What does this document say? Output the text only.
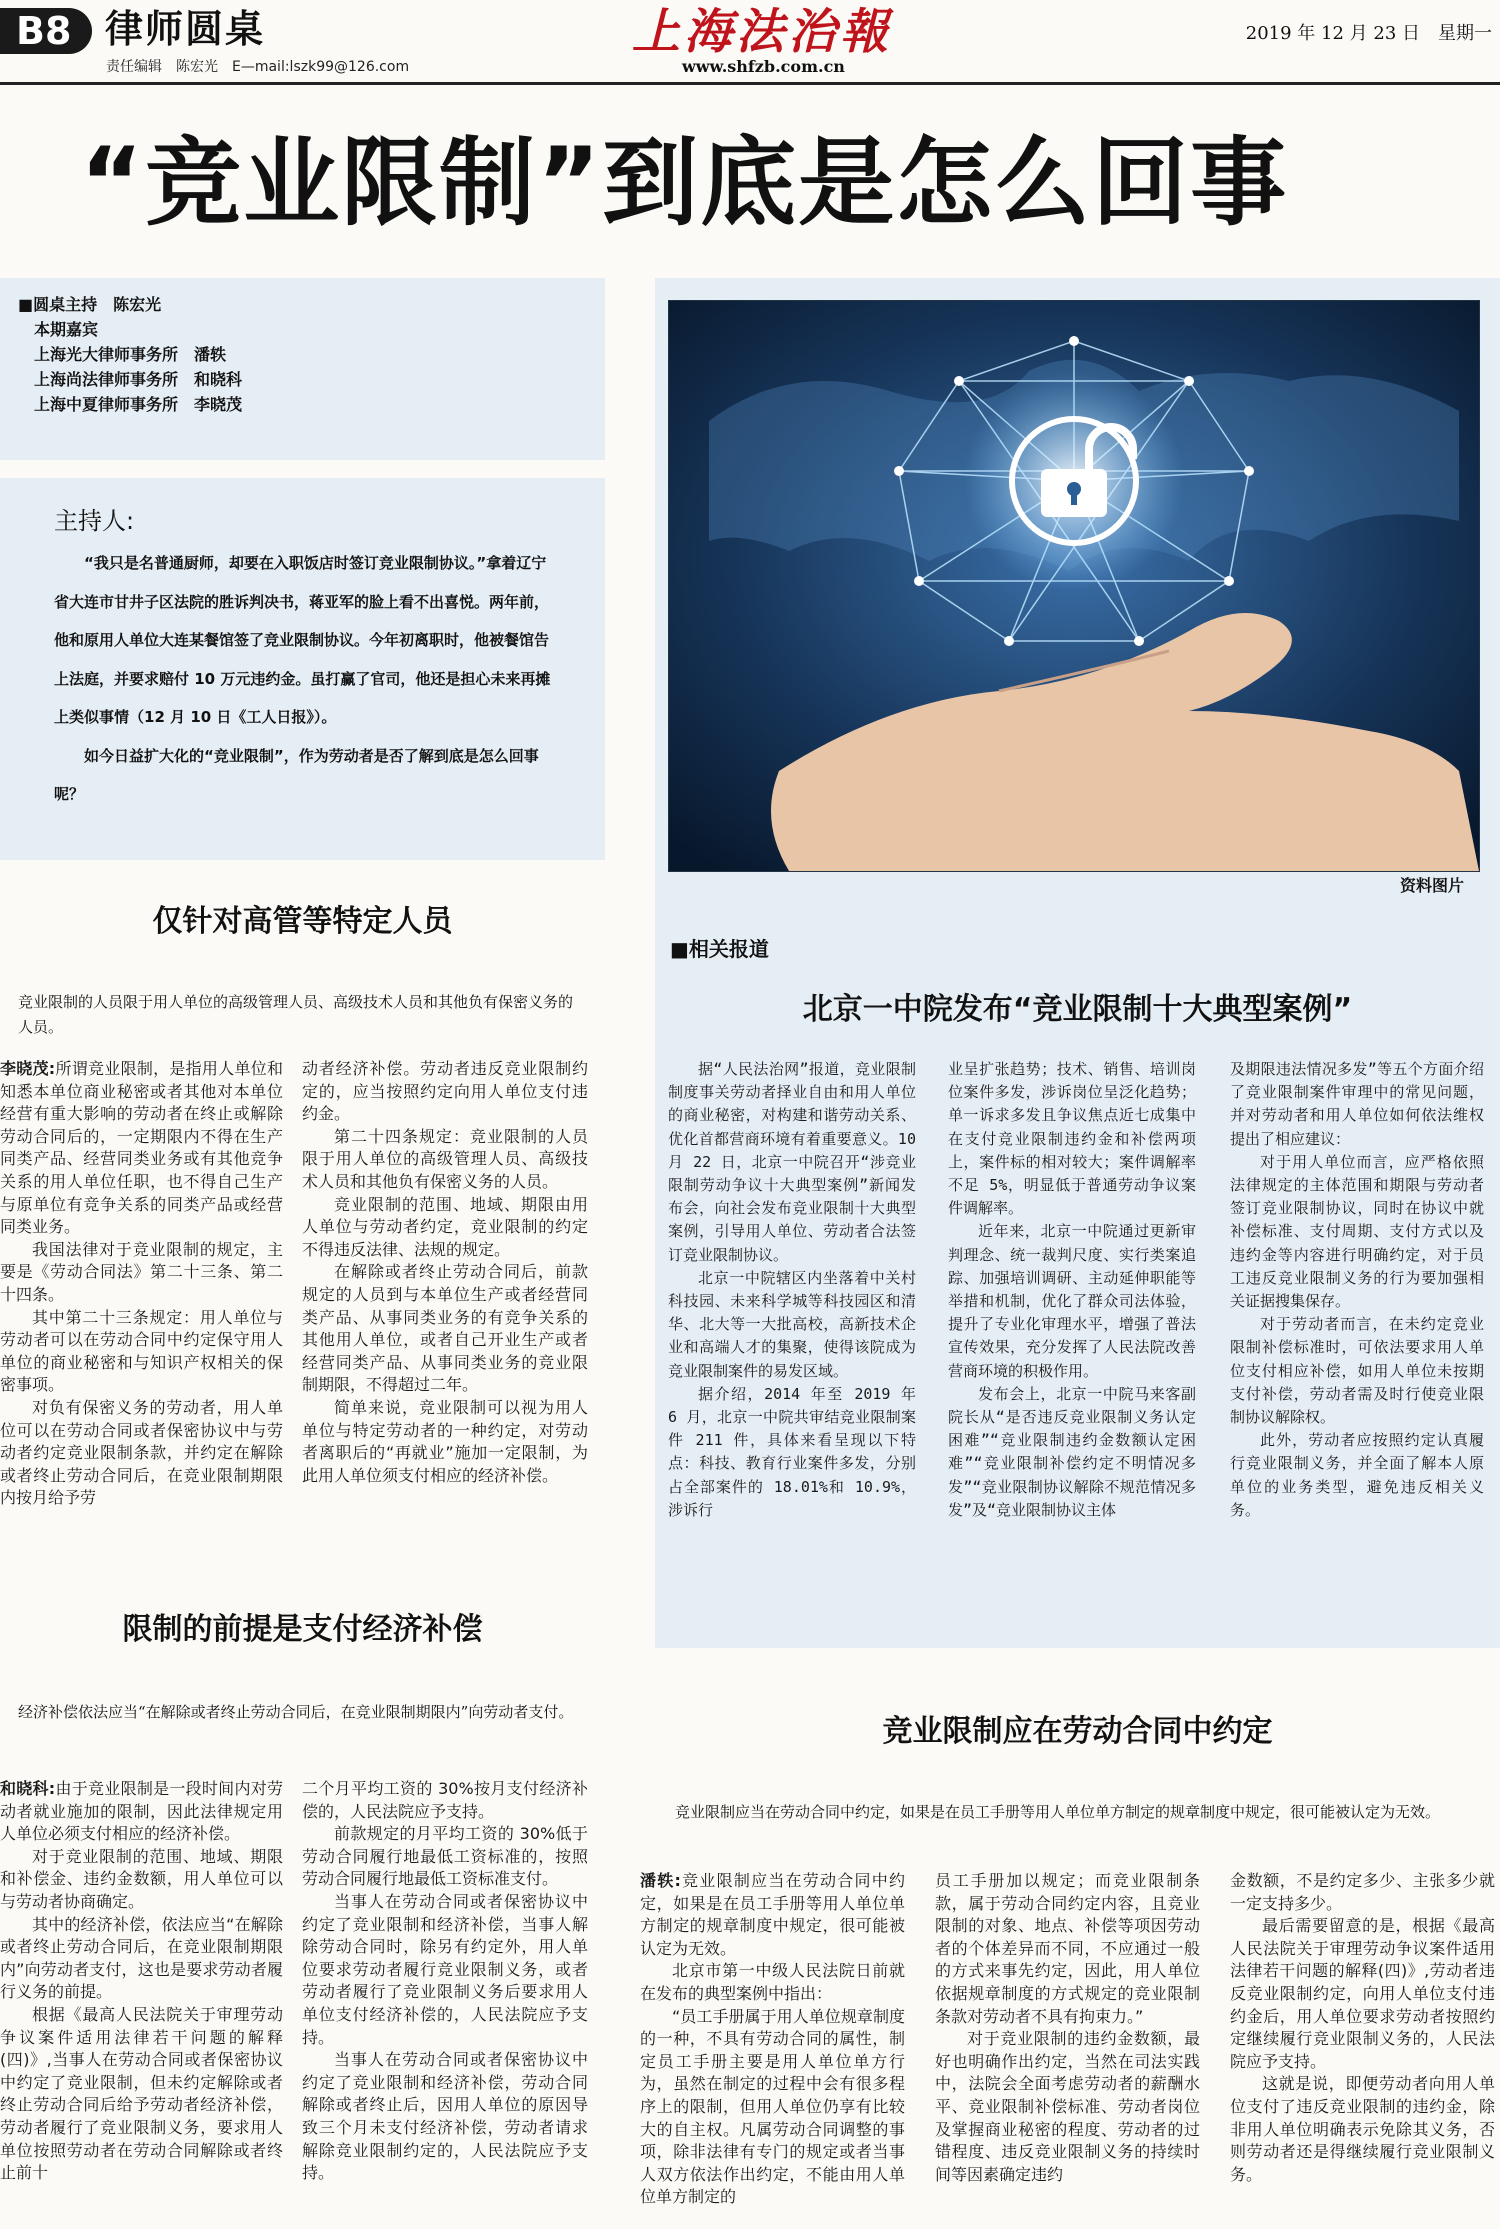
B8 律师圆桌
责任编辑　陈宏光　E—mail:lszk99@126.com
上海法治報
www.shfzb.com.cn
2019 年 12 月 23 日　星期一
“竞业限制”到底是怎么回事
■圆桌主持　陈宏光
　本期嘉宾
　上海光大律师事务所　潘轶
　上海尚法律师事务所　和晓科
　上海中夏律师事务所　李晓茂
主持人:

“我只是名普通厨师，却要在入职饭店时签订竞业限制协议。”拿着辽宁省大连市甘井子区法院的胜诉判决书，蒋亚军的脸上看不出喜悦。两年前，他和原用人单位大连某餐馆签了竞业限制协议。今年初离职时，他被餐馆告上法庭，并要求赔付 10 万元违约金。虽打赢了官司，他还是担心未来再摊上类似事情（12 月 10 日《工人日报》）。

如今日益扩大化的“竞业限制”，作为劳动者是否了解到底是怎么回事呢？

仅针对高管等特定人员
竞业限制的人员限于用人单位的高级管理人员、高级技术人员和其他负有保密义务的人员。

李晓茂:所谓竞业限制，是指用人单位和知悉本单位商业秘密或者其他对本单位经营有重大影响的劳动者在终止或解除劳动合同后的，一定期限内不得在生产同类产品、经营同类业务或有其他竞争关系的用人单位任职，也不得自己生产与原单位有竞争关系的同类产品或经营同类业务。

我国法律对于竞业限制的规定，主要是《劳动合同法》第二十三条、第二十四条。

其中第二十三条规定：用人单位与劳动者可以在劳动合同中约定保守用人单位的商业秘密和与知识产权相关的保密事项。

对负有保密义务的劳动者，用人单位可以在劳动合同或者保密协议中与劳动者约定竞业限制条款，并约定在解除或者终止劳动合同后，在竞业限制期限内按月给予劳

动者经济补偿。劳动者违反竞业限制约定的，应当按照约定向用人单位支付违约金。

第二十四条规定：竞业限制的人员限于用人单位的高级管理人员、高级技术人员和其他负有保密义务的人员。

竞业限制的范围、地域、期限由用人单位与劳动者约定，竞业限制的约定不得违反法律、法规的规定。

在解除或者终止劳动合同后，前款规定的人员到与本单位生产或者经营同类产品、从事同类业务的有竞争关系的其他用人单位，或者自己开业生产或者经营同类产品、从事同类业务的竞业限制期限，不得超过二年。

简单来说，竞业限制可以视为用人单位与特定劳动者的一种约定，对劳动者离职后的“再就业”施加一定限制，为此用人单位须支付相应的经济补偿。

限制的前提是支付经济补偿
经济补偿依法应当“在解除或者终止劳动合同后，在竞业限制期限内”向劳动者支付。

和晓科:由于竞业限制是一段时间内对劳动者就业施加的限制，因此法律规定用人单位必须支付相应的经济补偿。

对于竞业限制的范围、地域、期限和补偿金、违约金数额，用人单位可以与劳动者协商确定。

其中的经济补偿，依法应当“在解除或者终止劳动合同后，在竞业限制期限内”向劳动者支付，这也是要求劳动者履行义务的前提。

根据《最高人民法院关于审理劳动争议案件适用法律若干问题的解释(四)》,当事人在劳动合同或者保密协议中约定了竞业限制，但未约定解除或者终止劳动合同后给予劳动者经济补偿，劳动者履行了竞业限制义务，要求用人单位按照劳动者在劳动合同解除或者终止前十

二个月平均工资的 30%按月支付经济补偿的，人民法院应予支持。

前款规定的月平均工资的 30%低于劳动合同履行地最低工资标准的，按照劳动合同履行地最低工资标准支付。

当事人在劳动合同或者保密协议中约定了竞业限制和经济补偿，当事人解除劳动合同时，除另有约定外，用人单位要求劳动者履行竞业限制义务，或者劳动者履行了竞业限制义务后要求用人单位支付经济补偿的，人民法院应予支持。

当事人在劳动合同或者保密协议中约定了竞业限制和经济补偿，劳动合同解除或者终止后，因用人单位的原因导致三个月未支付经济补偿，劳动者请求解除竞业限制约定的，人民法院应予支持。

资料图片
■相关报道
北京一中院发布“竞业限制十大典型案例”

据“人民法治网”报道，竞业限制制度事关劳动者择业自由和用人单位的商业秘密，对构建和谐劳动关系、优化首都营商环境有着重要意义。10 月 22 日，北京一中院召开“涉竞业限制劳动争议十大典型案例”新闻发布会，向社会发布竞业限制十大典型案例，引导用人单位、劳动者合法签订竞业限制协议。

北京一中院辖区内坐落着中关村科技园、未来科学城等科技园区和清华、北大等一大批高校，高新技术企业和高端人才的集聚，使得该院成为竞业限制案件的易发区域。

据介绍，2014 年至 2019 年 6 月，北京一中院共审结竞业限制案件 211 件，具体来看呈现以下特点：科技、教育行业案件多发，分别占全部案件的 18.01%和 10.9%，涉诉行

业呈扩张趋势；技术、销售、培训岗位案件多发，涉诉岗位呈泛化趋势；单一诉求多发且争议焦点近七成集中在支付竞业限制违约金和补偿两项上，案件标的相对较大；案件调解率不足 5%，明显低于普通劳动争议案件调解率。

近年来，北京一中院通过更新审判理念、统一裁判尺度、实行类案追踪、加强培训调研、主动延伸职能等举措和机制，优化了群众司法体验，提升了专业化审理水平，增强了普法宣传效果，充分发挥了人民法院改善营商环境的积极作用。

发布会上，北京一中院马来客副院长从“是否违反竞业限制义务认定困难”“竞业限制违约金数额认定困难”“竞业限制补偿约定不明情况多发”“竞业限制协议解除不规范情况多发”及“竞业限制协议主体

及期限违法情况多发”等五个方面介绍了竞业限制案件审理中的常见问题，并对劳动者和用人单位如何依法维权提出了相应建议：

对于用人单位而言，应严格依照法律规定的主体范围和期限与劳动者签订竞业限制协议，同时在协议中就补偿标准、支付周期、支付方式以及违约金等内容进行明确约定，对于员工违反竞业限制义务的行为要加强相关证据搜集保存。

对于劳动者而言，在未约定竞业限制补偿标准时，可依法要求用人单位支付相应补偿，如用人单位未按期支付补偿，劳动者需及时行使竞业限制协议解除权。

此外，劳动者应按照约定认真履行竞业限制义务，并全面了解本人原单位的业务类型，避免违反相关义务。

竞业限制应在劳动合同中约定
竞业限制应当在劳动合同中约定，如果是在员工手册等用人单位单方制定的规章制度中规定，很可能被认定为无效。

潘轶:竞业限制应当在劳动合同中约定，如果是在员工手册等用人单位单方制定的规章制度中规定，很可能被认定为无效。

北京市第一中级人民法院日前就在发布的典型案例中指出：

“员工手册属于用人单位规章制度的一种，不具有劳动合同的属性，制定员工手册主要是用人单位单方行为，虽然在制定的过程中会有很多程序上的限制，但用人单位仍享有比较大的自主权。凡属劳动合同调整的事项，除非法律有专门的规定或者当事人双方依法作出约定，不能由用人单位单方制定的

员工手册加以规定；而竞业限制条款，属于劳动合同约定内容，且竞业限制的对象、地点、补偿等项因劳动者的个体差异而不同，不应通过一般的方式来事先约定，因此，用人单位依据规章制度的方式规定的竞业限制条款对劳动者不具有拘束力。”

对于竞业限制的违约金数额，最好也明确作出约定，当然在司法实践中，法院会全面考虑劳动者的薪酬水平、竞业限制补偿标准、劳动者岗位及掌握商业秘密的程度、劳动者的过错程度、违反竞业限制义务的持续时间等因素确定违约

金数额，不是约定多少、主张多少就一定支持多少。

最后需要留意的是，根据《最高人民法院关于审理劳动争议案件适用法律若干问题的解释(四)》,劳动者违反竞业限制约定，向用人单位支付违约金后，用人单位要求劳动者按照约定继续履行竞业限制义务的，人民法院应予支持。

这就是说，即便劳动者向用人单位支付了违反竞业限制的违约金，除非用人单位明确表示免除其义务，否则劳动者还是得继续履行竞业限制义务。
